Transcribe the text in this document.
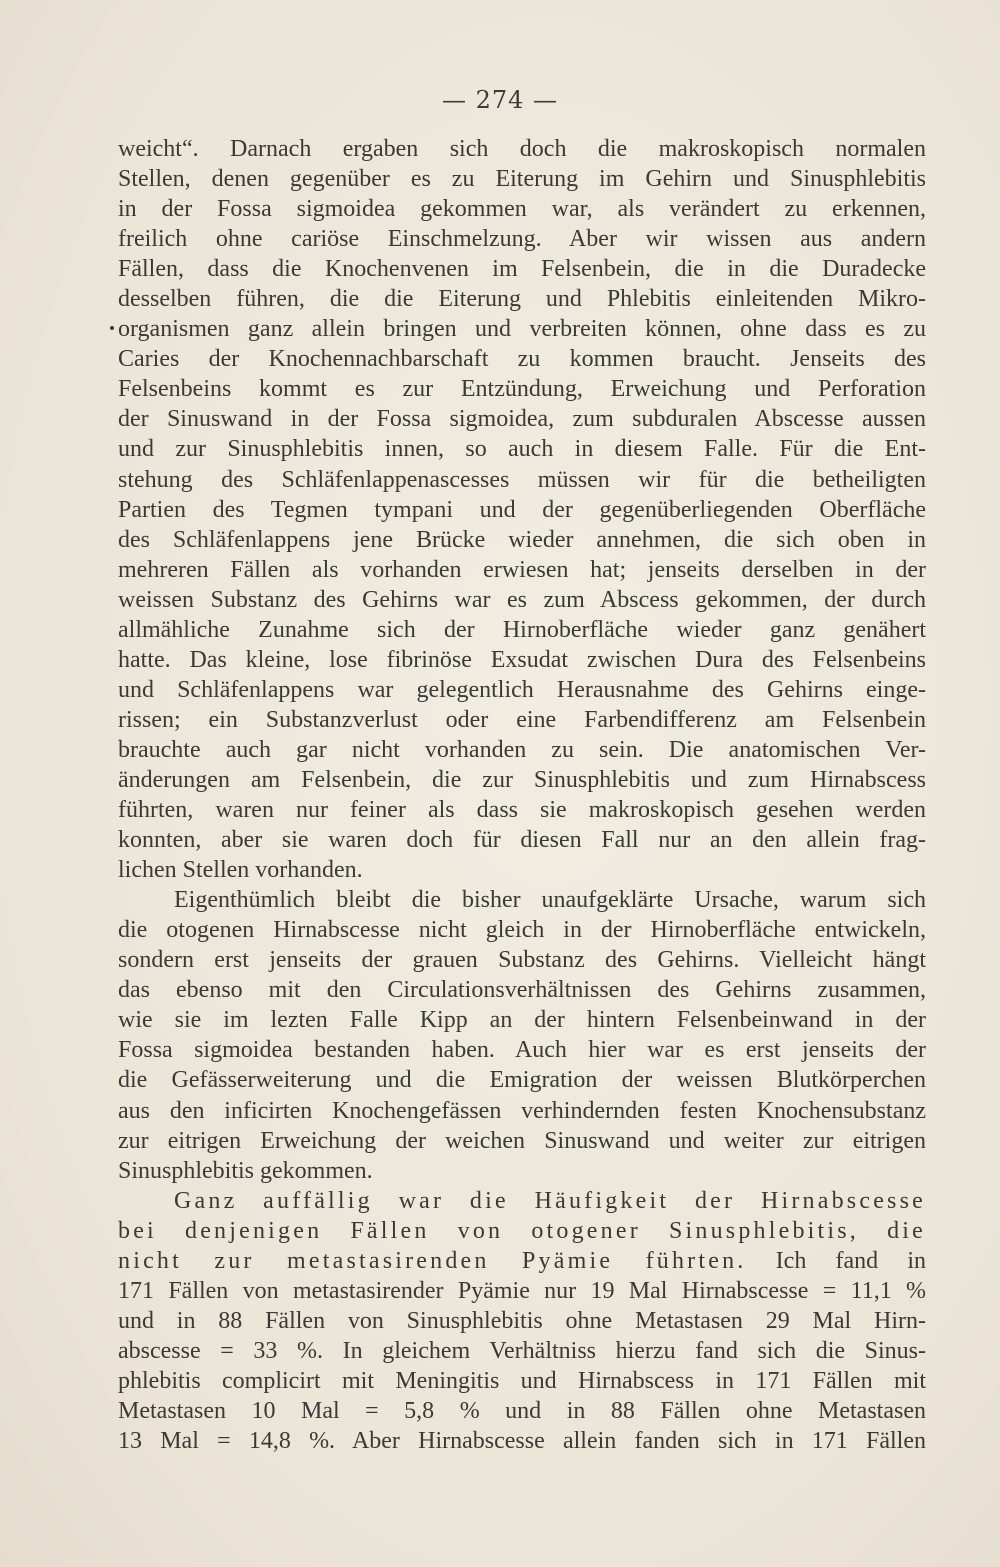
— 274 —
weicht“. Darnach ergaben sich doch die makroskopisch normalen
Stellen, denen gegenüber es zu Eiterung im Gehirn und Sinusphlebitis
in der Fossa sigmoidea gekommen war, als verändert zu erkennen,
freilich ohne cariöse Einschmelzung. Aber wir wissen aus andern
Fällen, dass die Knochenvenen im Felsenbein, die in die Duradecke
desselben führen, die die Eiterung und Phlebitis einleitenden Mikro-
organismen ganz allein bringen und verbreiten können, ohne dass es zu
Caries der Knochennachbarschaft zu kommen braucht. Jenseits des
Felsenbeins kommt es zur Entzündung, Erweichung und Perforation
der Sinuswand in der Fossa sigmoidea, zum subduralen Abscesse aussen
und zur Sinusphlebitis innen, so auch in diesem Falle. Für die Ent-
stehung des Schläfenlappenascesses müssen wir für die betheiligten
Partien des Tegmen tympani und der gegenüberliegenden Oberfläche
des Schläfenlappens jene Brücke wieder annehmen, die sich oben in
mehreren Fällen als vorhanden erwiesen hat; jenseits derselben in der
weissen Substanz des Gehirns war es zum Abscess gekommen, der durch
allmähliche Zunahme sich der Hirnoberfläche wieder ganz genähert
hatte. Das kleine, lose fibrinöse Exsudat zwischen Dura des Felsenbeins
und Schläfenlappens war gelegentlich Herausnahme des Gehirns einge-
rissen; ein Substanzverlust oder eine Farbendifferenz am Felsenbein
brauchte auch gar nicht vorhanden zu sein. Die anatomischen Ver-
änderungen am Felsenbein, die zur Sinusphlebitis und zum Hirnabscess
führten, waren nur feiner als dass sie makroskopisch gesehen werden
konnten, aber sie waren doch für diesen Fall nur an den allein frag-
lichen Stellen vorhanden.
Eigenthümlich bleibt die bisher unaufgeklärte Ursache, warum sich
die otogenen Hirnabscesse nicht gleich in der Hirnoberfläche entwickeln,
sondern erst jenseits der grauen Substanz des Gehirns. Vielleicht hängt
das ebenso mit den Circulationsverhältnissen des Gehirns zusammen,
wie sie im lezten Falle Kipp an der hintern Felsenbeinwand in der
Fossa sigmoidea bestanden haben. Auch hier war es erst jenseits der
die Gefässerweiterung und die Emigration der weissen Blutkörperchen
aus den inficirten Knochengefässen verhindernden festen Knochensubstanz
zur eitrigen Erweichung der weichen Sinuswand und weiter zur eitrigen
Sinusphlebitis gekommen.
Ganz auffällig war die Häufigkeit der Hirnabscesse
bei denjenigen Fällen von otogener Sinusphlebitis, die
nicht zur metastasirenden Pyämie führten. Ich fand in
171 Fällen von metastasirender Pyämie nur 19 Mal Hirnabscesse = 11,1 %
und in 88 Fällen von Sinusphlebitis ohne Metastasen 29 Mal Hirn-
abscesse = 33 %. In gleichem Verhältniss hierzu fand sich die Sinus-
phlebitis complicirt mit Meningitis und Hirnabscess in 171 Fällen mit
Metastasen 10 Mal = 5,8 % und in 88 Fällen ohne Metastasen
13 Mal = 14,8 %. Aber Hirnabscesse allein fanden sich in 171 Fällen
